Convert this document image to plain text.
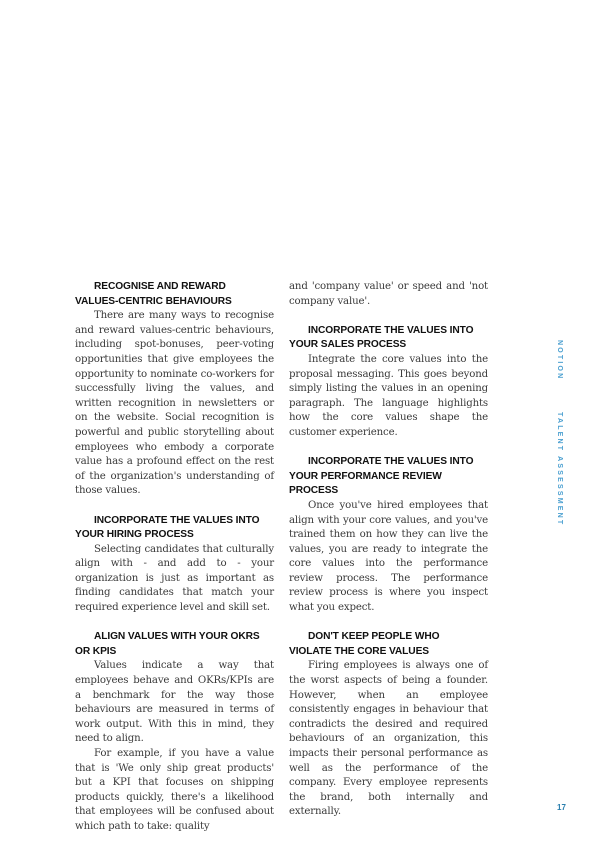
RECOGNISE AND REWARD
VALUES-CENTRIC BEHAVIOURS

There are many ways to recognise and reward values-centric behaviours, including spot-bonuses, peer-voting opportunities that give employees the opportunity to nominate co-workers for successfully living the values, and written recognition in newsletters or on the website. Social recognition is powerful and public storytelling about employees who embody a corporate value has a profound effect on the rest of the organization's understanding of those values.

INCORPORATE THE VALUES INTO
YOUR HIRING PROCESS

Selecting candidates that culturally align with - and add to - your organization is just as important as finding candidates that match your required experience level and skill set.

ALIGN VALUES WITH YOUR OKRS
OR KPIS

Values indicate a way that employees behave and OKRs/KPIs are a benchmark for the way those behaviours are measured in terms of work output. With this in mind, they need to align.

For example, if you have a value that is 'We only ship great products' but a KPI that focuses on shipping products quickly, there's a likelihood that employees will be confused about which path to take: quality

and 'company value' or speed and 'not company value'.

INCORPORATE THE VALUES INTO
YOUR SALES PROCESS

Integrate the core values into the proposal messaging. This goes beyond simply listing the values in an opening paragraph. The language highlights how the core values shape the customer experience.

INCORPORATE THE VALUES INTO
YOUR PERFORMANCE REVIEW
PROCESS

Once you've hired employees that align with your core values, and you've trained them on how they can live the values, you are ready to integrate the core values into the performance review process. The performance review process is where you inspect what you expect.

DON'T KEEP PEOPLE WHO
VIOLATE THE CORE VALUES

Firing employees is always one of the worst aspects of being a founder. However, when an employee consistently engages in behaviour that contradicts the desired and required behaviours of an organization, this impacts their personal performance as well as the performance of the company. Every employee represents the brand, both internally and externally.

NOTION
TALENT ASSESSMENT
17
